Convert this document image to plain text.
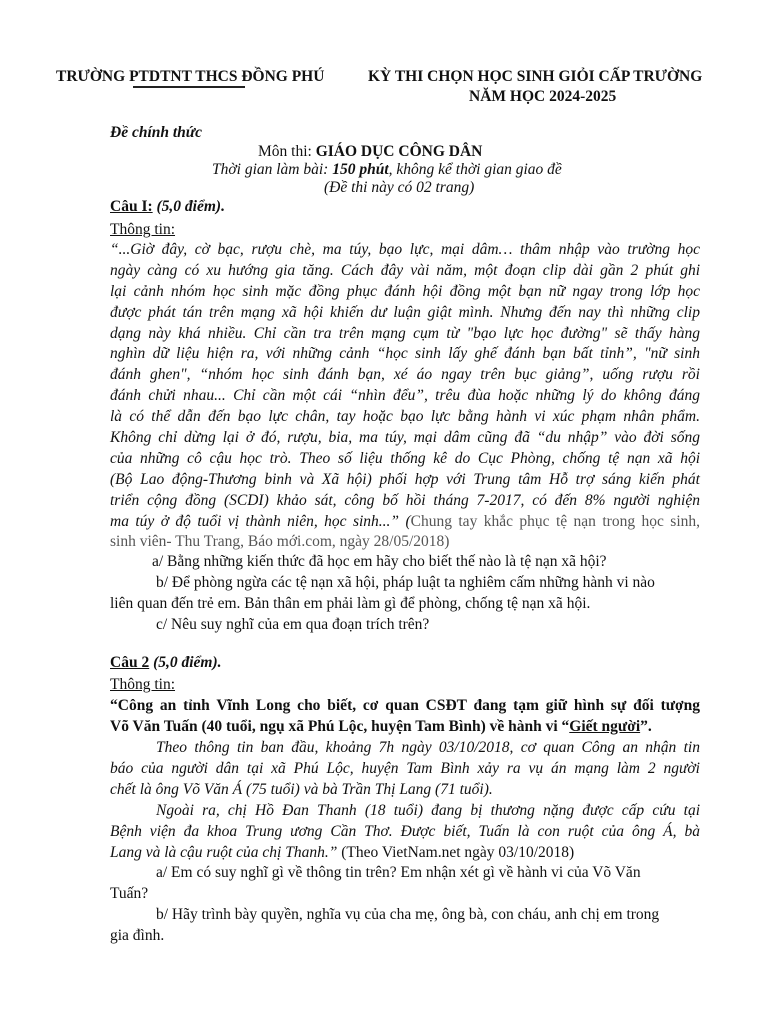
TRƯỜNG PTDTNT THCS ĐỒNG PHÚ	KỲ THI CHỌN HỌC SINH GIỎI CẤP TRƯỜNG
NĂM HỌC 2024-2025
Đề chính thức
Môn thi: GIÁO DỤC CÔNG DÂN
Thời gian làm bài: 150 phút, không kể thời gian giao đề
(Đề thi này có 02 trang)
Câu I: (5,0 điểm).
Thông tin:
“...Giờ đây, cờ bạc, rượu chè, ma túy, bạo lực, mại dâm… thâm nhập vào trường học
ngày càng có xu hướng gia tăng. Cách đây vài năm, một đoạn clip dài gần 2 phút ghi
lại cảnh nhóm học sinh mặc đồng phục đánh hội đồng một bạn nữ ngay trong lớp học
được phát tán trên mạng xã hội khiến dư luận giật mình. Nhưng đến nay thì những clip
dạng này khá nhiều. Chỉ cần tra trên mạng cụm từ "bạo lực học đường" sẽ thấy hàng
nghìn dữ liệu hiện ra, với những cảnh “học sinh lấy ghế đánh bạn bất tỉnh”, "nữ sinh
đánh ghen", “nhóm học sinh đánh bạn, xé áo ngay trên bục giảng”, uống rượu rồi
đánh chửi nhau... Chỉ cần một cái “nhìn đểu”, trêu đùa hoặc những lý do không đáng
là có thể dẫn đến bạo lực chân, tay hoặc bạo lực bằng hành vi xúc phạm nhân phẩm.
Không chỉ dừng lại ở đó, rượu, bia, ma túy, mại dâm cũng đã “du nhập” vào đời sống
của những cô cậu học trò. Theo số liệu thống kê do Cục Phòng, chống tệ nạn xã hội
(Bộ Lao động-Thương binh và Xã hội) phối hợp với Trung tâm Hỗ trợ sáng kiến phát
triển cộng đồng (SCDI) khảo sát, công bố hồi tháng 7-2017, có đến 8% người nghiện
ma túy ở độ tuổi vị thành niên, học sinh...” (Chung tay khắc phục tệ nạn trong học sinh,
sinh viên- Thu Trang, Báo mới.com, ngày 28/05/2018)
a/ Bằng những kiến thức đã học em hãy cho biết thế nào là tệ nạn xã hội?
b/ Để phòng ngừa các tệ nạn xã hội, pháp luật ta nghiêm cấm những hành vi nào
liên quan đến trẻ em. Bản thân em phải làm gì để phòng, chống tệ nạn xã hội.
c/ Nêu suy nghĩ của em qua đoạn trích trên?
Câu 2 (5,0 điểm).
Thông tin:
“Công an tỉnh Vĩnh Long cho biết, cơ quan CSĐT đang tạm giữ hình sự đối tượng
Võ Văn Tuấn (40 tuổi, ngụ xã Phú Lộc, huyện Tam Bình) về hành vi “Giết người”.
Theo thông tin ban đầu, khoảng 7h ngày 03/10/2018, cơ quan Công an nhận tin
báo của người dân tại xã Phú Lộc, huyện Tam Bình xảy ra vụ án mạng làm 2 người
chết là ông Võ Văn Á (75 tuổi) và bà Trần Thị Lang (71 tuổi).
Ngoài ra, chị Hồ Đan Thanh (18 tuổi) đang bị thương nặng được cấp cứu tại
Bệnh viện đa khoa Trung ương Cần Thơ. Được biết, Tuấn là con ruột của ông Á, bà
Lang và là cậu ruột của chị Thanh.” (Theo VietNam.net ngày 03/10/2018)
a/ Em có suy nghĩ gì về thông tin trên? Em nhận xét gì về hành vi của Võ Văn
Tuấn?
b/ Hãy trình bày quyền, nghĩa vụ của cha mẹ, ông bà, con cháu, anh chị em trong
gia đình.
